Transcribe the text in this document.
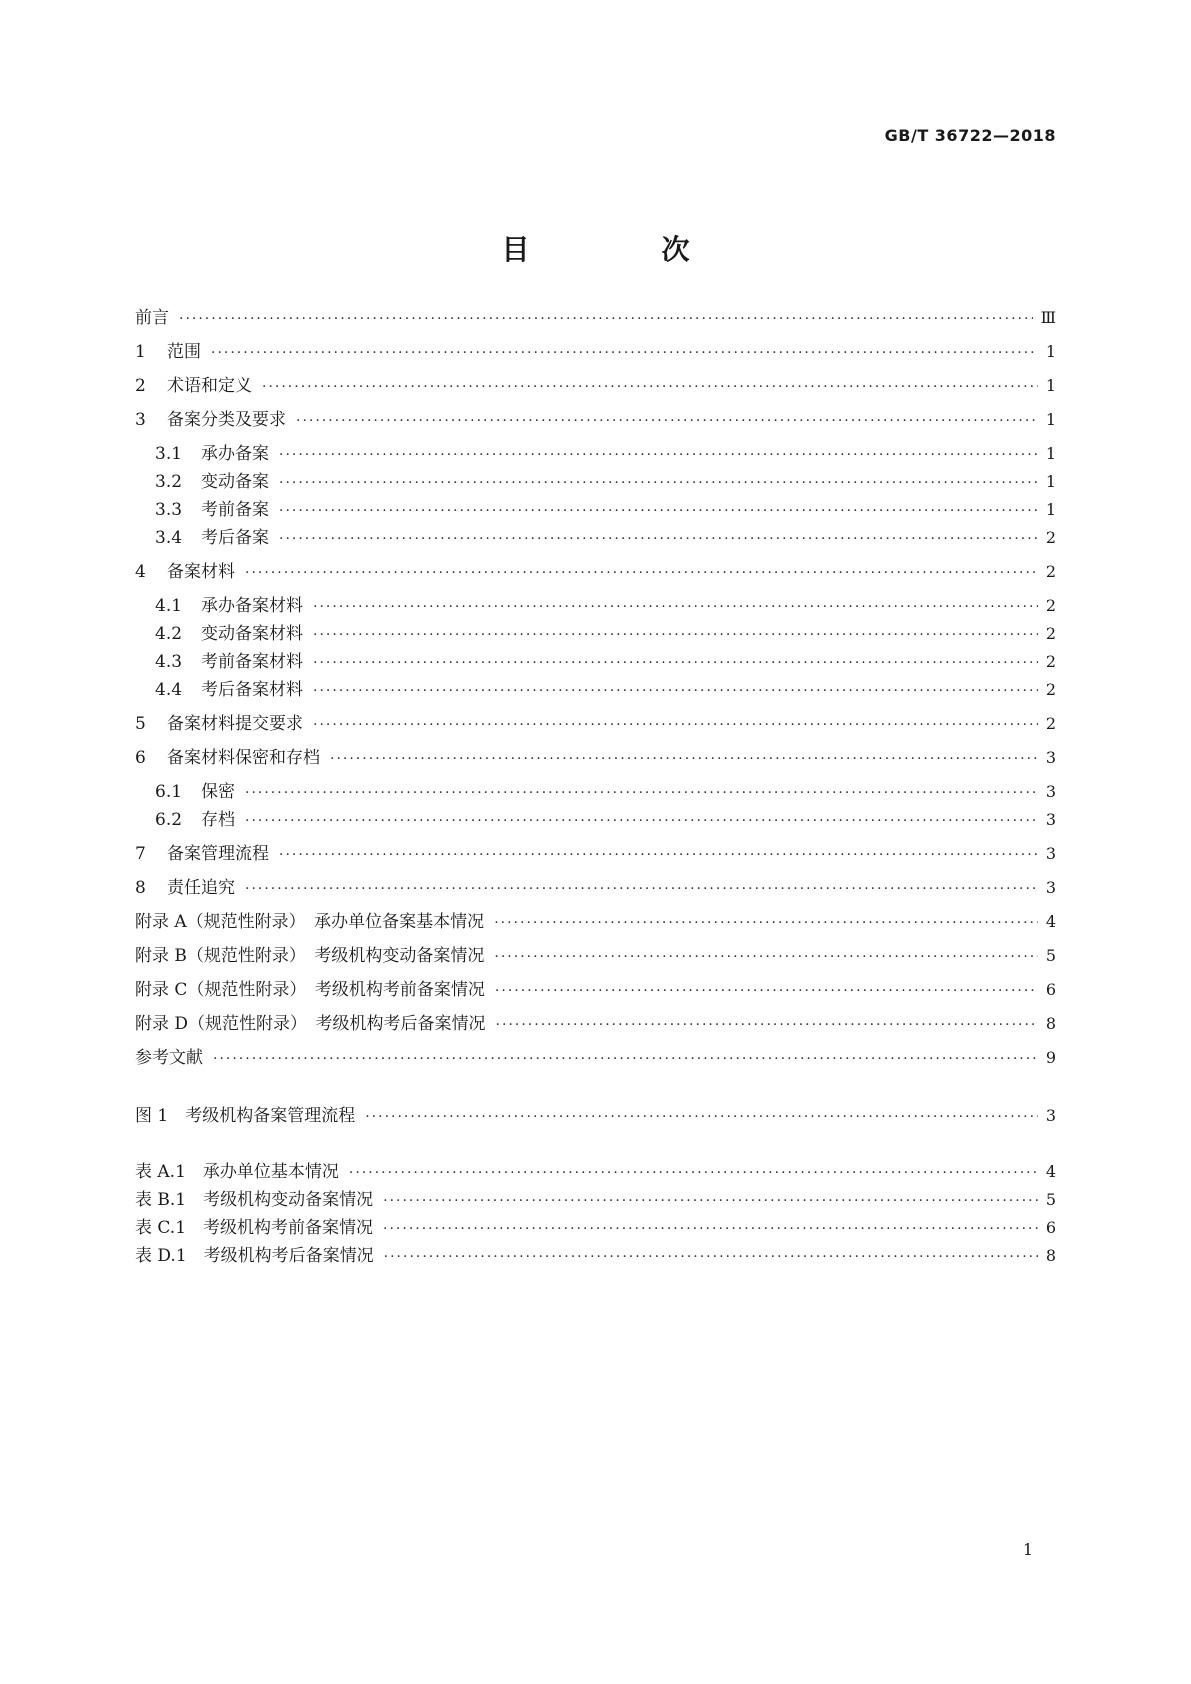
GB/T 36722—2018
目　次
前言 ·····	Ⅲ
1	范围 ·····	1
2	术语和定义 ·····	1
3	备案分类及要求 ·····	1
3.1	承办备案 ·····	1
3.2	变动备案 ·····	1
3.3	考前备案 ·····	1
3.4	考后备案 ·····	2
4	备案材料 ·····	2
4.1	承办备案材料 ·····	2
4.2	变动备案材料 ·····	2
4.3	考前备案材料 ·····	2
4.4	考后备案材料 ·····	2
5	备案材料提交要求 ·····	2
6	备案材料保密和存档 ·····	3
6.1	保密 ·····	3
6.2	存档 ·····	3
7	备案管理流程 ·····	3
8	责任追究 ·····	3
附录 A（规范性附录）　承办单位备案基本情况 ·····	4
附录 B（规范性附录）　考级机构变动备案情况 ·····	5
附录 C（规范性附录）　考级机构考前备案情况 ·····	6
附录 D（规范性附录）　考级机构考后备案情况 ·····	8
参考文献 ·····	9
图 1　考级机构备案管理流程 ·····	3
表 A.1　承办单位基本情况 ·····	4
表 B.1　考级机构变动备案情况 ·····	5
表 C.1　考级机构考前备案情况 ·····	6
表 D.1　考级机构考后备案情况 ·····	8
1
